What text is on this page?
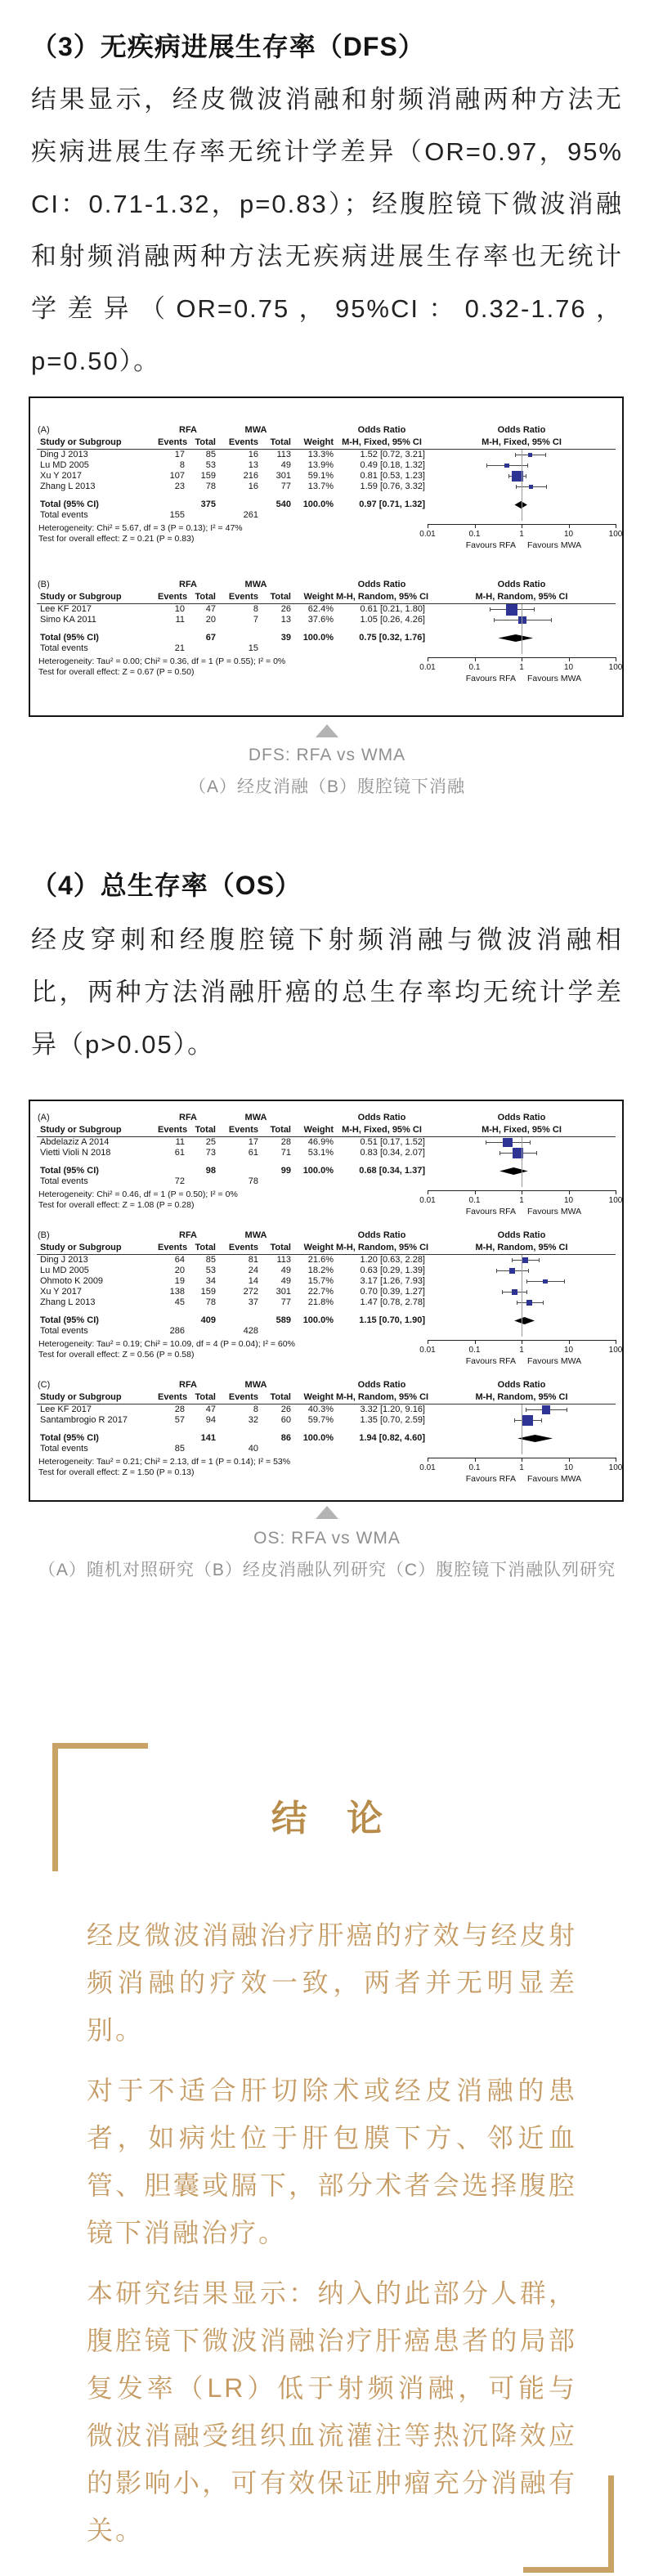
（3）无疾病进展生存率（DFS）

结果显示，经皮微波消融和射频消融两种方法无疾病进展生存率无统计学差异（OR=0.97，95% CI：0.71-1.32，p=0.83）；经腹腔镜下微波消融和射频消融两种方法无疾病进展生存率也无统计学差异（OR=0.75，95%CI：0.32-1.76，p=0.50）。

(A)	RFA	MWA	Odds Ratio	Odds Ratio
Study or Subgroup	Events Total	Events	Total	Weight M-H, Fixed, 95% CI	M-H, Fixed, 95% CI
Ding J 2013	17	85	16	113	13.3%	1.52 [0.72, 3.21]
Lu MD 2005	8	53	13	49	13.9%	0.49 [0.18, 1.32]
Xu Y 2017	107	159	216	301	59.1%	0.81 [0.53, 1.23]
Zhang L 2013	23	78	16	77	13.7%	1.59 [0.76, 3.32]
Total (95% CI)	375	540	100.0%	0.97 [0.71, 1.32]
Total events	155	261
Heterogeneity: Chi² = 5.67, df = 3 (P = 0.13); I² = 47%
Test for overall effect: Z = 0.21 (P = 0.83)	0.01	0.1	1	10	100
Favours RFA	Favours MWA
(B)	RFA	MWA	Odds Ratio	Odds Ratio
Study or Subgroup	Events Total	Events	Total	Weight M-H, Random, 95% CI	M-H, Random, 95% CI
Lee KF 2017	10	47	8	26	62.4%	0.61 [0.21, 1.80]
Simo KA 2011	11	20	7	13	37.6%	1.05 [0.26, 4.26]
Total (95% CI)	67	39	100.0%	0.75 [0.32, 1.76]
Total events	21	15
Heterogeneity: Tau² = 0.00; Chi² = 0.36, df = 1 (P = 0.55); I² = 0%
Test for overall effect: Z = 0.67 (P = 0.50)	0.01	0.1	1	10	100
Favours RFA	Favours MWA
DFS: RFA vs WMA
（A）经皮消融（B）腹腔镜下消融
（4）总生存率（OS）

经皮穿刺和经腹腔镜下射频消融与微波消融相比，两种方法消融肝癌的总生存率均无统计学差异（p>0.05）。

(A)	RFA	MWA	Odds Ratio	Odds Ratio
Study or Subgroup	Events Total	Events	Total	Weight M-H, Fixed, 95% CI	M-H, Fixed, 95% CI
Abdelaziz A 2014	11	25	17	28	46.9%	0.51 [0.17, 1.52]
Vietti Violi N 2018	61	73	61	71	53.1%	0.83 [0.34, 2.07]
Total (95% CI)	98	99	100.0%	0.68 [0.34, 1.37]
Total events	72	78
Heterogeneity: Chi² = 0.46, df = 1 (P = 0.50); I² = 0%
Test for overall effect: Z = 1.08 (P = 0.28)	0.01	0.1	1	10	100
Favours RFA	Favours MWA
(B)	RFA	MWA	Odds Ratio	Odds Ratio
Study or Subgroup	Events Total	Events	Total	Weight M-H, Random, 95% CI	M-H, Random, 95% CI
Ding J 2013	64	85	81	113	21.6%	1.20 [0.63, 2.28]
Lu MD 2005	20	53	24	49	18.2%	0.63 [0.29, 1.39]
Ohmoto K 2009	19	34	14	49	15.7%	3.17 [1.26, 7.93]
Xu Y 2017	138	159	272	301	22.7%	0.70 [0.39, 1.27]
Zhang L 2013	45	78	37	77	21.8%	1.47 [0.78, 2.78]
Total (95% CI)	409	589	100.0%	1.15 [0.70, 1.90]
Total events	286	428
Heterogeneity: Tau² = 0.19; Chi² = 10.09, df = 4 (P = 0.04); I² = 60%
Test for overall effect: Z = 0.56 (P = 0.58)	0.01	0.1	1	10	100
Favours RFA	Favours MWA
(C)	RFA	MWA	Odds Ratio	Odds Ratio
Study or Subgroup	Events Total	Events	Total	Weight M-H, Random, 95% CI	M-H, Random, 95% CI
Lee KF 2017	28	47	8	26	40.3%	3.32 [1.20, 9.16]
Santambrogio R 2017	57	94	32	60	59.7%	1.35 [0.70, 2.59]
Total (95% CI)	141	86	100.0%	1.94 [0.82, 4.60]
Total events	85	40
Heterogeneity: Tau² = 0.21; Chi² = 2.13, df = 1 (P = 0.14); I² = 53%
Test for overall effect: Z = 1.50 (P = 0.13)	0.01	0.1	1	10	100
Favours RFA	Favours MWA
OS: RFA vs WMA
（A）随机对照研究（B）经皮消融队列研究（C）腹腔镜下消融队列研究
结 论

经皮微波消融治疗肝癌的疗效与经皮射频消融的疗效一致，两者并无明显差别。

对于不适合肝切除术或经皮消融的患者，如病灶位于肝包膜下方、邻近血管、胆囊或膈下，部分术者会选择腹腔镜下消融治疗。

本研究结果显示：纳入的此部分人群，腹腔镜下微波消融治疗肝癌患者的局部复发率（LR）低于射频消融，可能与微波消融受组织血流灌注等热沉降效应的影响小，可有效保证肿瘤充分消融有关。
